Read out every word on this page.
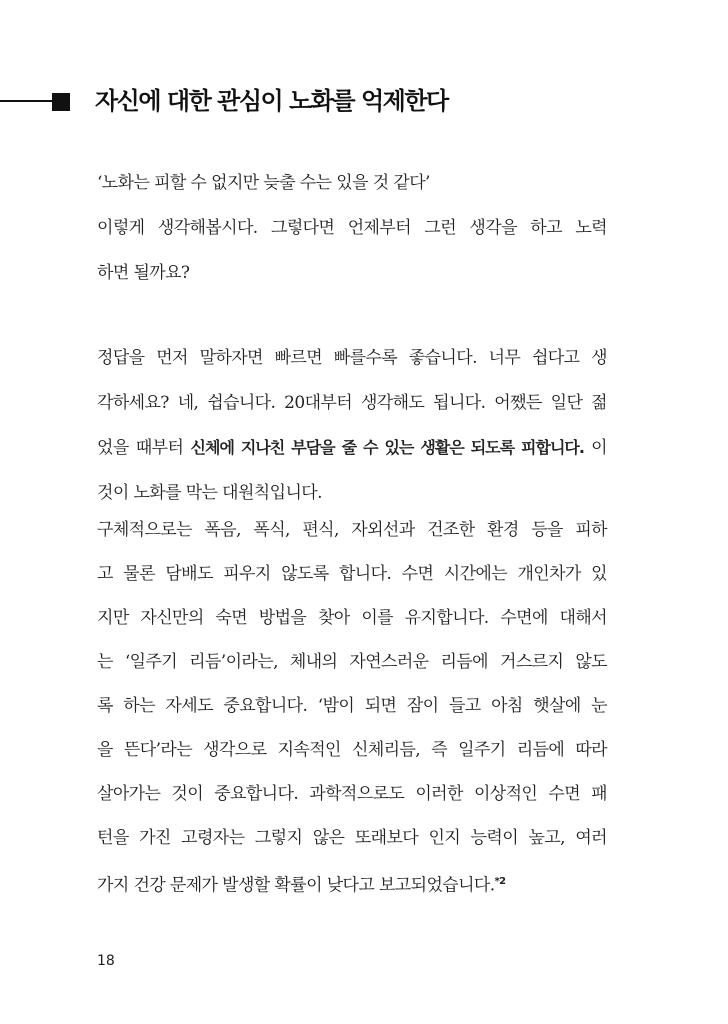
자신에 대한 관심이 노화를 억제한다
‘노화는 피할 수 없지만 늦출 수는 있을 것 같다’
이렇게 생각해봅시다. 그렇다면 언제부터 그런 생각을 하고 노력
하면 될까요?
정답을 먼저 말하자면 빠르면 빠를수록 좋습니다. 너무 쉽다고 생
각하세요? 네, 쉽습니다. 20대부터 생각해도 됩니다. 어쨌든 일단 젊
었을 때부터 신체에 지나친 부담을 줄 수 있는 생활은 되도록 피합니다. 이
것이 노화를 막는 대원칙입니다.
구체적으로는 폭음, 폭식, 편식, 자외선과 건조한 환경 등을 피하
고 물론 담배도 피우지 않도록 합니다. 수면 시간에는 개인차가 있
지만 자신만의 숙면 방법을 찾아 이를 유지합니다. 수면에 대해서
는 ‘일주기 리듬’이라는, 체내의 자연스러운 리듬에 거스르지 않도
록 하는 자세도 중요합니다. ‘밤이 되면 잠이 들고 아침 햇살에 눈
을 뜬다’라는 생각으로 지속적인 신체리듬, 즉 일주기 리듬에 따라
살아가는 것이 중요합니다. 과학적으로도 이러한 이상적인 수면 패
턴을 가진 고령자는 그렇지 않은 또래보다 인지 능력이 높고, 여러
가지 건강 문제가 발생할 확률이 낮다고 보고되었습니다.$^{*2}$
18
